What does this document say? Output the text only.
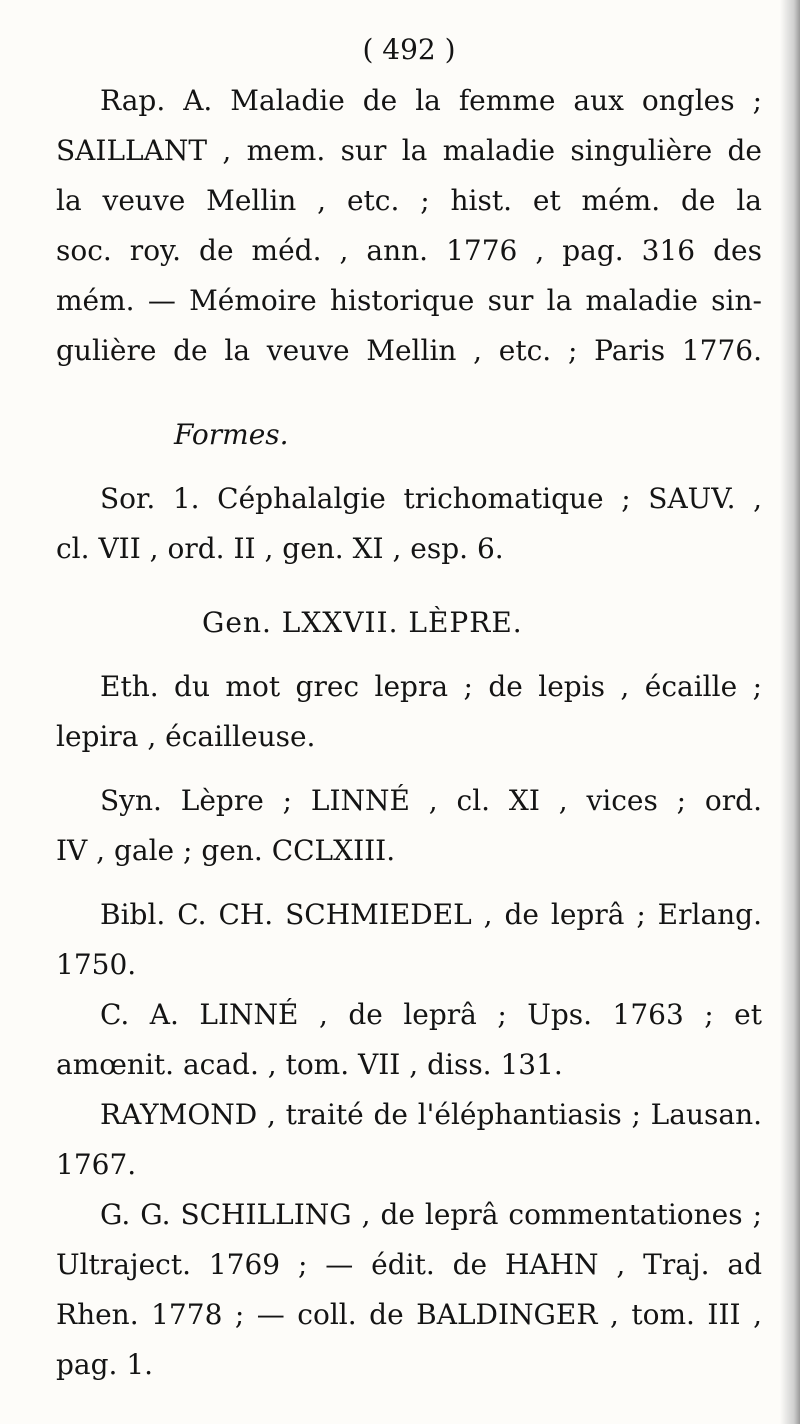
( 492 )
Rap. A. Maladie de la femme aux ongles ;
SAILLANT , mem. sur la maladie singulière de
la veuve Mellin , etc. ; hist. et mém. de la
soc. roy. de méd. , ann. 1776 , pag. 316 des
mém. — Mémoire historique sur la maladie sin-
gulière de la veuve Mellin , etc. ; Paris 1776.
Formes.
Sor. 1. Céphalalgie trichomatique ; SAUV. ,
cl. VII , ord. II , gen. XI , esp. 6.
Gen. LXXVII. LÈPRE.
Eth. du mot grec lepra ; de lepis , écaille ;
lepira , écailleuse.
Syn. Lèpre ; LINNÉ , cl. XI , vices ; ord.
IV , gale ; gen. CCLXIII.
Bibl. C. CH. SCHMIEDEL , de leprâ ; Erlang.
1750.
C. A. LINNÉ , de leprâ ; Ups. 1763 ; et
amœnit. acad. , tom. VII , diss. 131.
RAYMOND , traité de l'éléphantiasis ; Lausan.
1767.
G. G. SCHILLING , de leprâ commentationes ;
Ultraject. 1769 ; — édit. de HAHN , Traj. ad
Rhen. 1778 ; — coll. de BALDINGER , tom. III ,
pag. 1.
